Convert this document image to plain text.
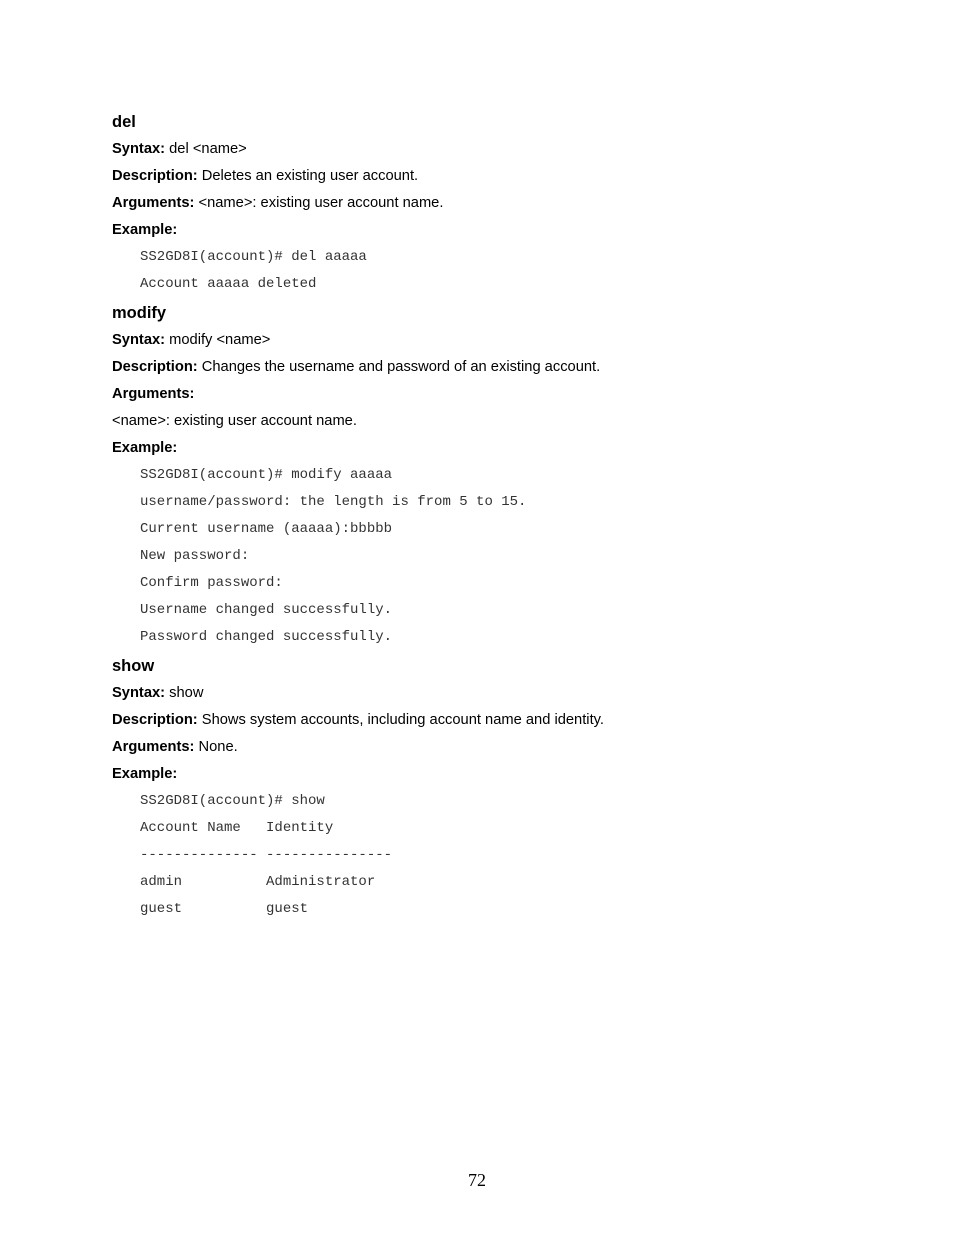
del
Syntax: del <name>
Description: Deletes an existing user account.
Arguments: <name>: existing user account name.
Example:
SS2GD8I(account)# del aaaaa
Account aaaaa deleted
modify
Syntax: modify <name>
Description: Changes the username and password of an existing account.
Arguments:
<name>: existing user account name.
Example:
SS2GD8I(account)# modify aaaaa
username/password: the length is from 5 to 15.
Current username (aaaaa):bbbbb
New password:
Confirm password:
Username changed successfully.
Password changed successfully.
show
Syntax: show
Description: Shows system accounts, including account name and identity.
Arguments: None.
Example:
SS2GD8I(account)# show
Account Name   Identity
-------------- ---------------
admin          Administrator
guest          guest
72
